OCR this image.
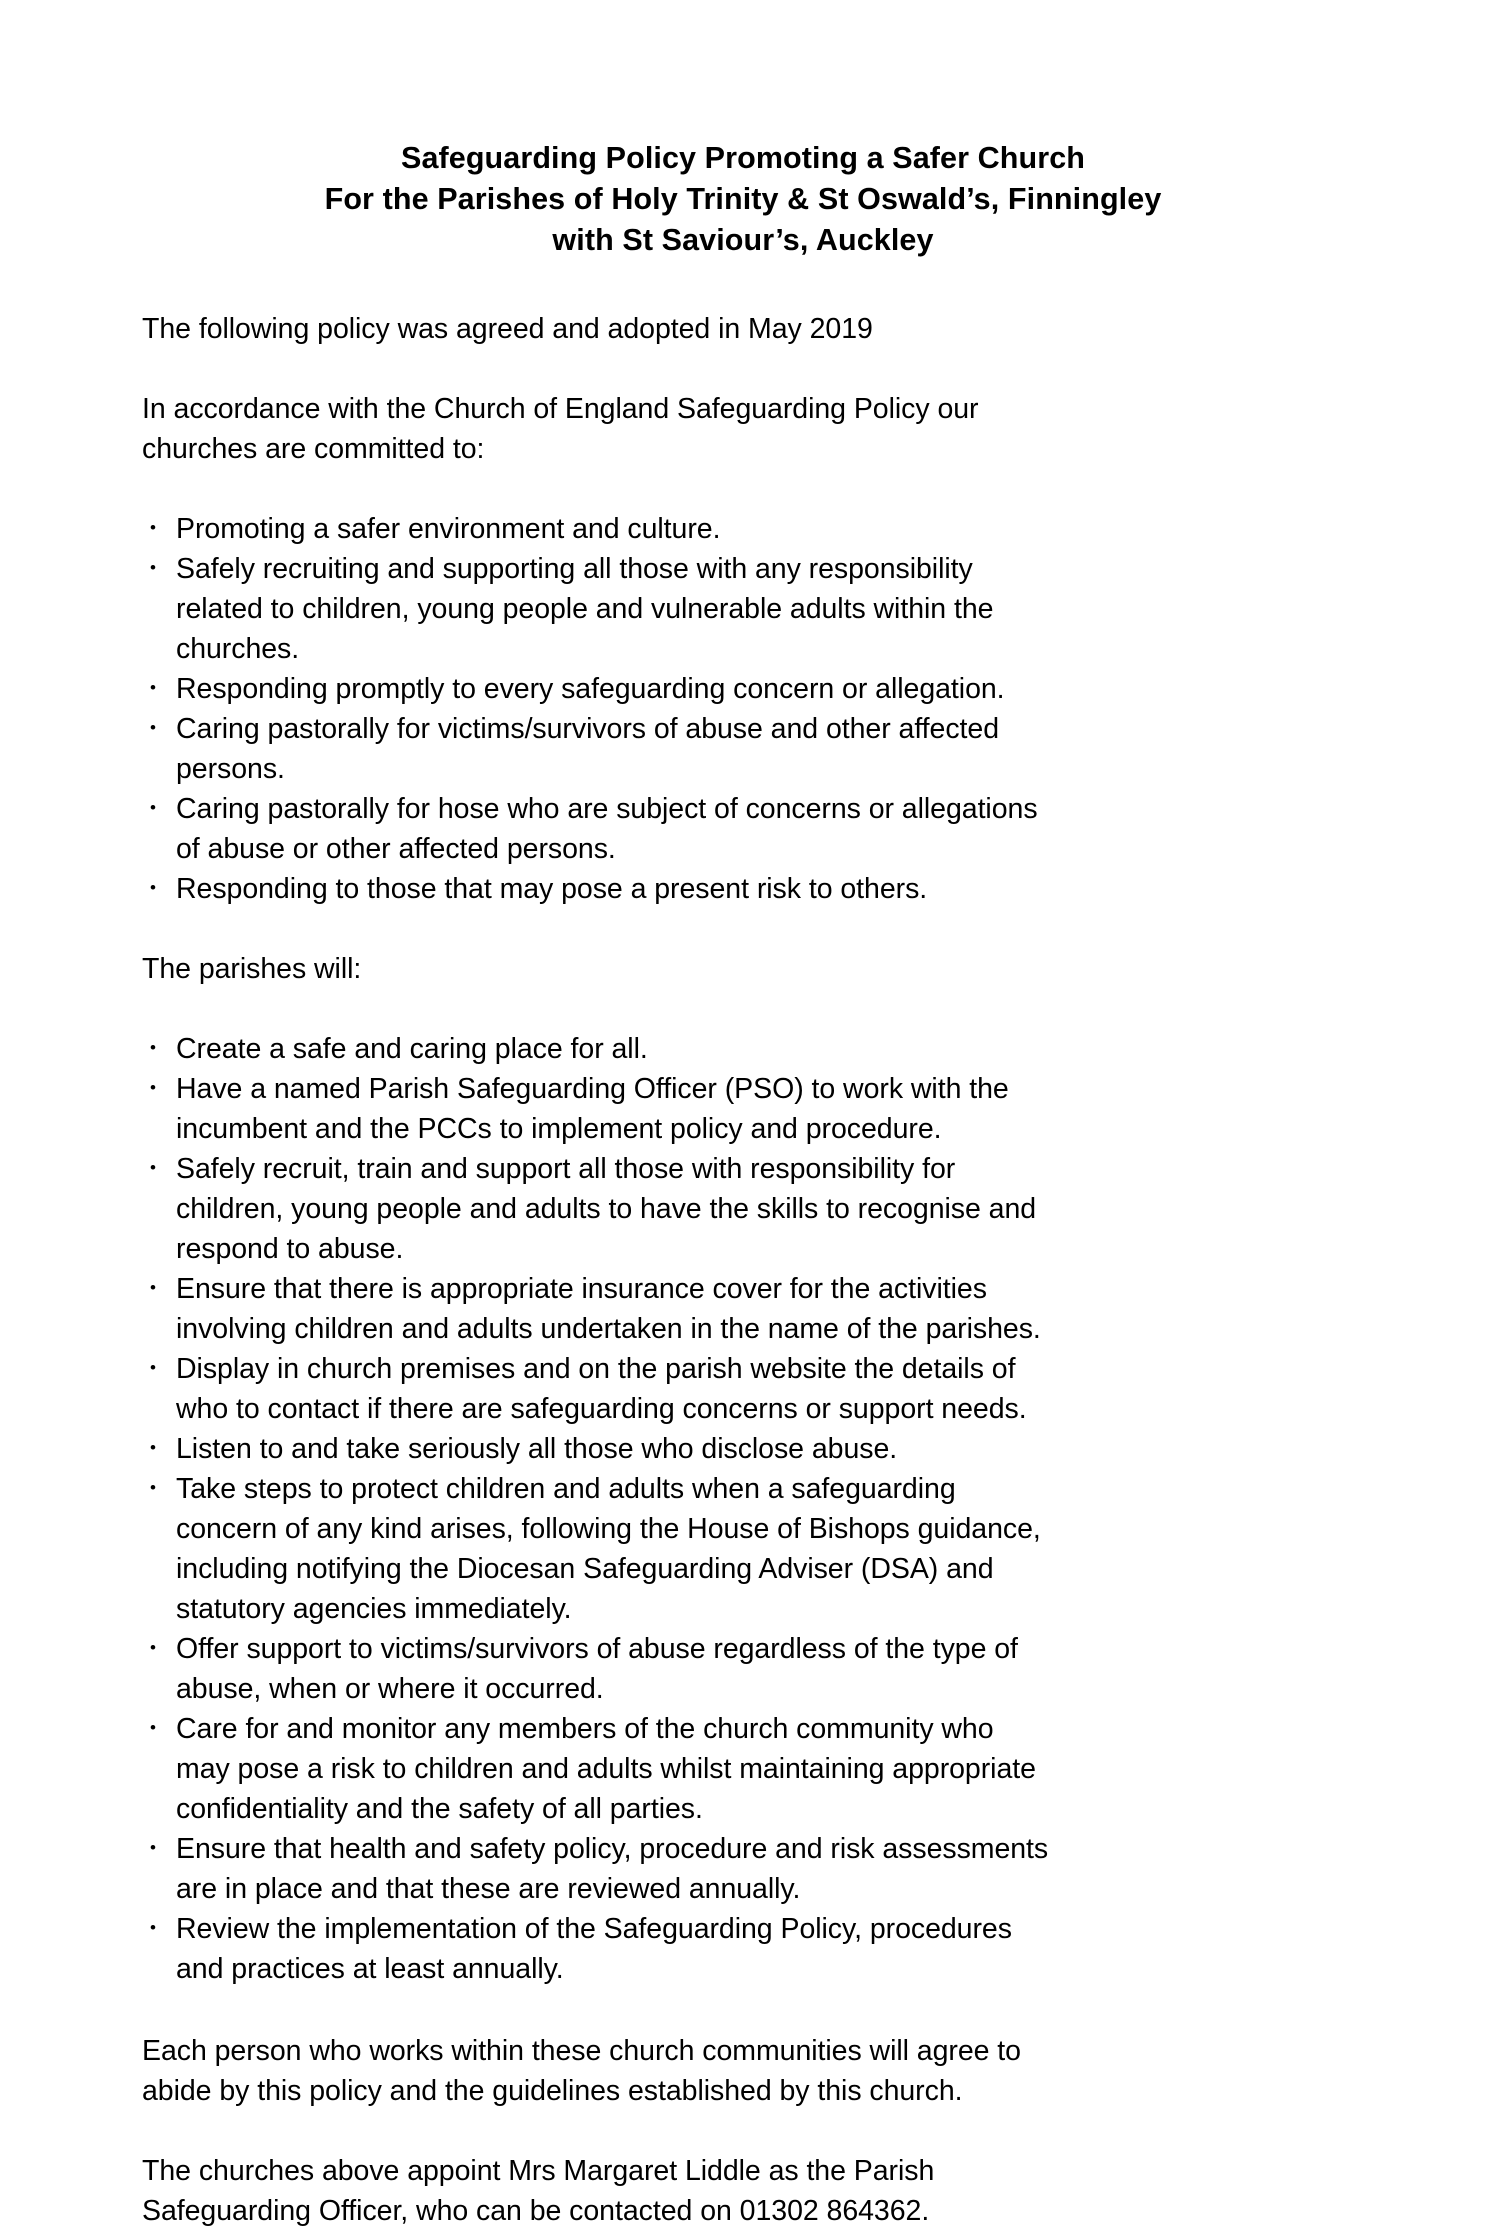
Safeguarding Policy Promoting a Safer Church
For the Parishes of Holy Trinity & St Oswald’s, Finningley
with St Saviour’s, Auckley

The following policy was agreed and adopted in May 2019

In accordance with the Church of England Safeguarding Policy our churches are committed to:

• Promoting a safer environment and culture.
• Safely recruiting and supporting all those with any responsibility related to children, young people and vulnerable adults within the churches.
• Responding promptly to every safeguarding concern or allegation.
• Caring pastorally for victims/survivors of abuse and other affected persons.
• Caring pastorally for hose who are subject of concerns or allegations of abuse or other affected persons.
• Responding to those that may pose a present risk to others.

The parishes will:

• Create a safe and caring place for all.
• Have a named Parish Safeguarding Officer (PSO) to work with the incumbent and the PCCs to implement policy and procedure.
• Safely recruit, train and support all those with responsibility for children, young people and adults to have the skills to recognise and respond to abuse.
• Ensure that there is appropriate insurance cover for the activities involving children and adults undertaken in the name of the parishes.
• Display in church premises and on the parish website the details of who to contact if there are safeguarding concerns or support needs.
• Listen to and take seriously all those who disclose abuse.
• Take steps to protect children and adults when a safeguarding concern of any kind arises, following the House of Bishops guidance, including notifying the Diocesan Safeguarding Adviser (DSA) and statutory agencies immediately.
• Offer support to victims/survivors of abuse regardless of the type of abuse, when or where it occurred.
• Care for and monitor any members of the church community who may pose a risk to children and adults whilst maintaining appropriate confidentiality and the safety of all parties.
• Ensure that health and safety policy, procedure and risk assessments are in place and that these are reviewed annually.
• Review the implementation of the Safeguarding Policy, procedures and practices at least annually.

Each person who works within these church communities will agree to abide by this policy and the guidelines established by this church.

The churches above appoint Mrs Margaret Liddle as the Parish Safeguarding Officer, who can be contacted on 01302 864362.
